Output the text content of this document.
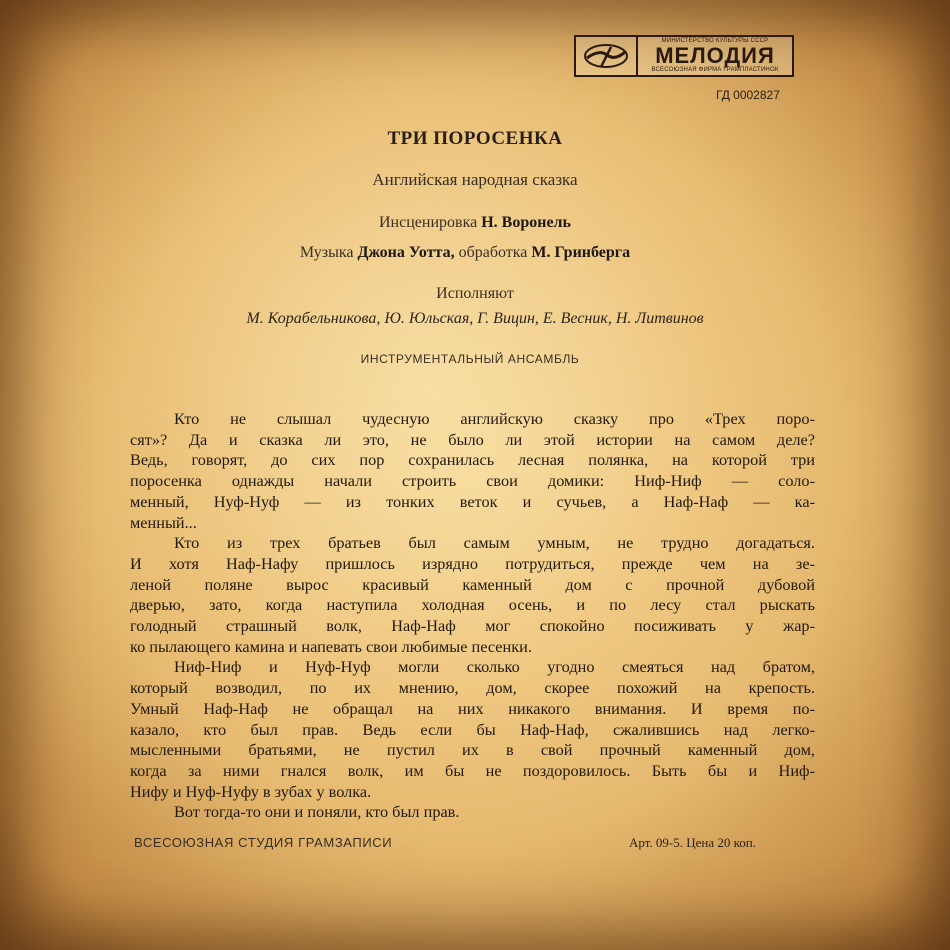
МИНИСТЕРСТВО КУЛЬТУРЫ СССР
МЕЛОДИЯ
ВСЕСОЮЗНАЯ ФИРМА ГРАМПЛАСТИНОК
ГД 0002827
ТРИ ПОРОСЕНКА
Английская народная сказка
Инсценировка Н. Воронель
Музыка Джона Уотта, обработка М. Гринберга
Исполняют
М. Корабельникова, Ю. Юльская, Г. Вицин, Е. Весник, Н. Литвинов
ИНСТРУМЕНТАЛЬНЫЙ АНСАМБЛЬ
Кто не слышал чудесную английскую сказку про «Трех поро-
сят»? Да и сказка ли это, не было ли этой истории на самом деле?
Ведь, говорят, до сих пор сохранилась лесная полянка, на которой три
поросенка однажды начали строить свои домики: Ниф-Ниф — соло-
менный, Нуф-Нуф — из тонких веток и сучьев, а Наф-Наф — ка-
менный...
Кто из трех братьев был самым умным, не трудно догадаться.
И хотя Наф-Нафу пришлось изрядно потрудиться, прежде чем на зе-
леной поляне вырос красивый каменный дом с прочной дубовой
дверью, зато, когда наступила холодная осень, и по лесу стал рыскать
голодный страшный волк, Наф-Наф мог спокойно посиживать у жар-
ко пылающего камина и напевать свои любимые песенки.
Ниф-Ниф и Нуф-Нуф могли сколько угодно смеяться над братом,
который возводил, по их мнению, дом, скорее похожий на крепость.
Умный Наф-Наф не обращал на них никакого внимания. И время по-
казало, кто был прав. Ведь если бы Наф-Наф, сжалившись над легко-
мысленными братьями, не пустил их в свой прочный каменный дом,
когда за ними гнался волк, им бы не поздоровилось. Быть бы и Ниф-
Нифу и Нуф-Нуфу в зубах у волка.
Вот тогда-то они и поняли, кто был прав.
ВСЕСОЮЗНАЯ СТУДИЯ ГРАМЗАПИСИ	Арт. 09-5. Цена 20 коп.
